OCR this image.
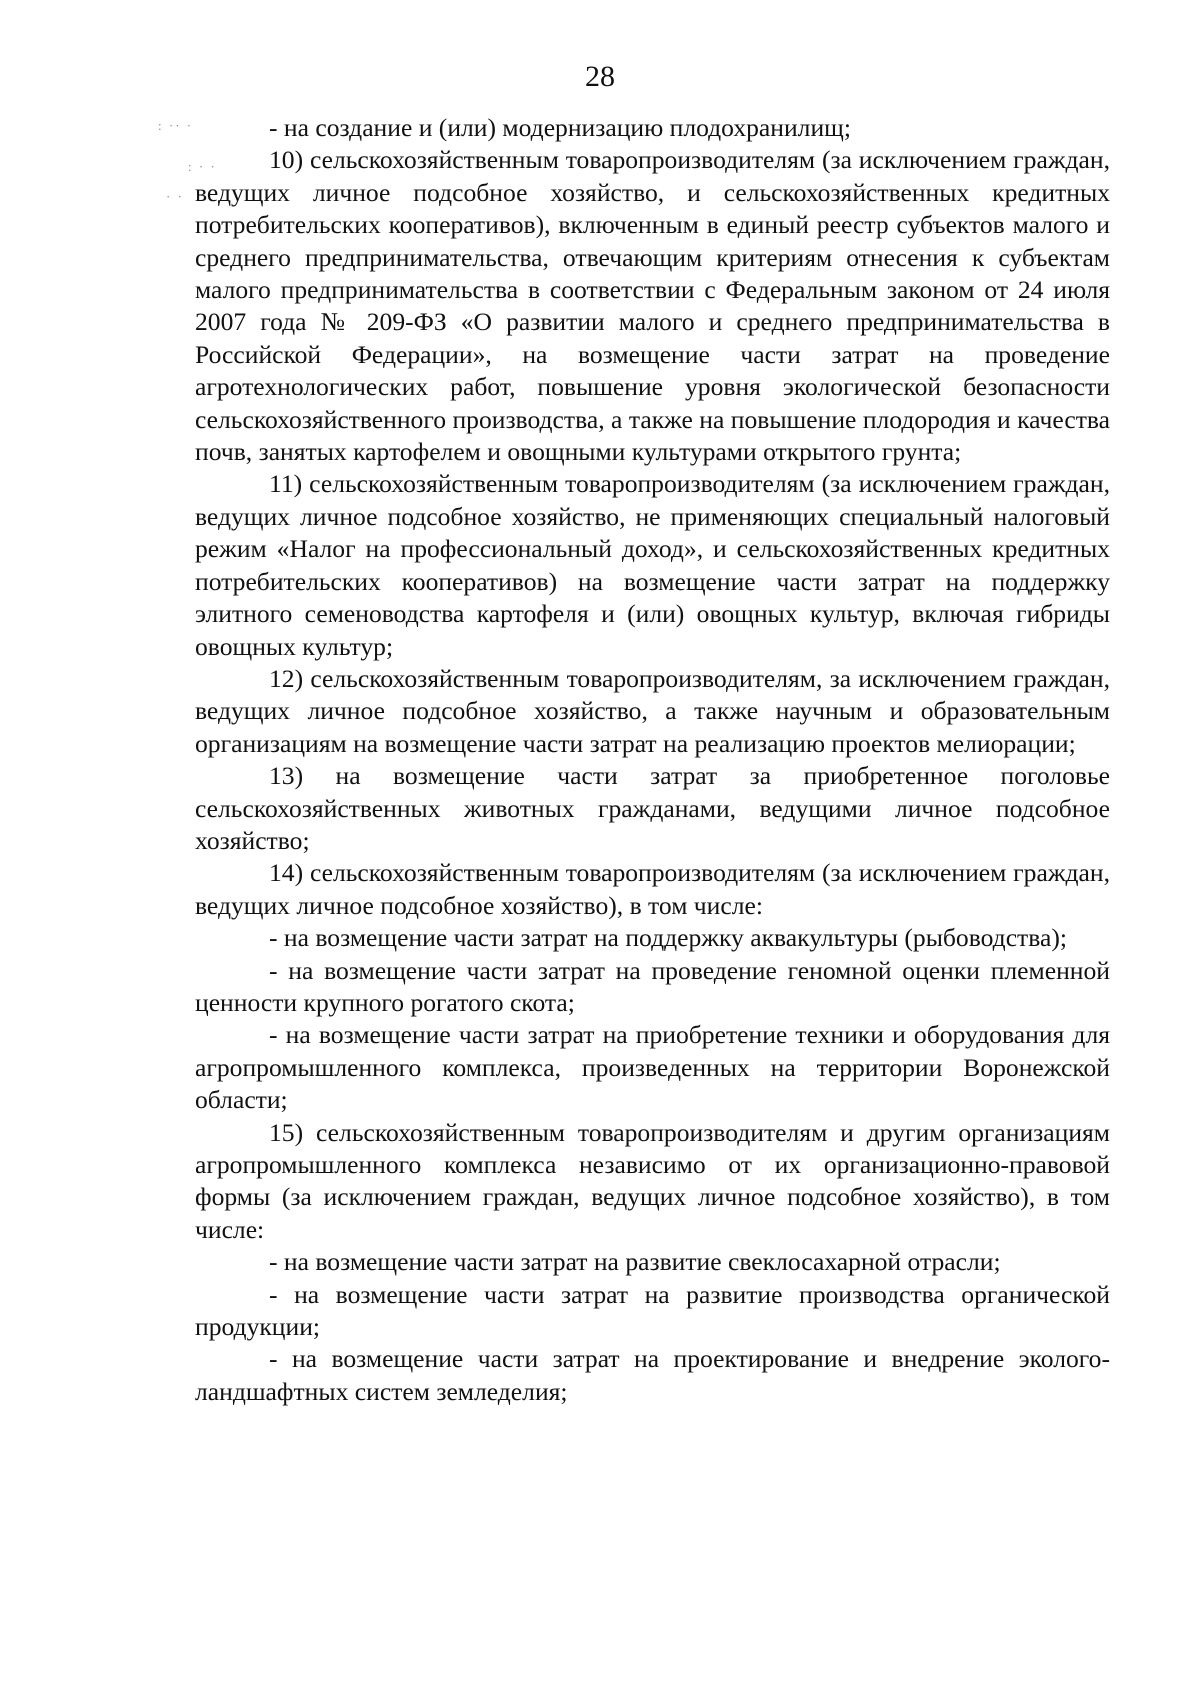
: ·· ·
: · ·
· ·
28

- на создание и (или) модернизацию плодохранилищ;

10) сельскохозяйственным товаропроизводителям (за исключением граждан, ведущих личное подсобное хозяйство, и сельскохозяйственных кредитных потребительских кооперативов), включенным в единый реестр субъектов малого и среднего предпринимательства, отвечающим критериям отнесения к субъектам малого предпринимательства в соответствии с Федеральным законом от 24 июля 2007 года № 209-ФЗ «О развитии малого и среднего предпринимательства в Российской Федерации», на возмещение части затрат на проведение агротехнологических работ, повышение уровня экологической безопасности сельскохозяйственного производства, а также на повышение плодородия и качества почв, занятых картофелем и овощными культурами открытого грунта;

11) сельскохозяйственным товаропроизводителям (за исключением граждан, ведущих личное подсобное хозяйство, не применяющих специальный налоговый режим «Налог на профессиональный доход», и сельскохозяйственных кредитных потребительских кооперативов) на возмещение части затрат на поддержку элитного семеноводства картофеля и (или) овощных культур, включая гибриды овощных культур;

12) сельскохозяйственным товаропроизводителям, за исключением граждан, ведущих личное подсобное хозяйство, а также научным и образовательным организациям на возмещение части затрат на реализацию проектов мелиорации;

13) на возмещение части затрат за приобретенное поголовье сельскохозяйственных животных гражданами, ведущими личное подсобное хозяйство;

14) сельскохозяйственным товаропроизводителям (за исключением граждан, ведущих личное подсобное хозяйство), в том числе:

- на возмещение части затрат на поддержку аквакультуры (рыбоводства);

- на возмещение части затрат на проведение геномной оценки племенной ценности крупного рогатого скота;

- на возмещение части затрат на приобретение техники и оборудования для агропромышленного комплекса, произведенных на территории Воронежской области;

15) сельскохозяйственным товаропроизводителям и другим организациям агропромышленного комплекса независимо от их организационно-правовой формы (за исключением граждан, ведущих личное подсобное хозяйство), в том числе:

- на возмещение части затрат на развитие свеклосахарной отрасли;

- на возмещение части затрат на развитие производства органической продукции;

- на возмещение части затрат на проектирование и внедрение эколого-ландшафтных систем земледелия;
